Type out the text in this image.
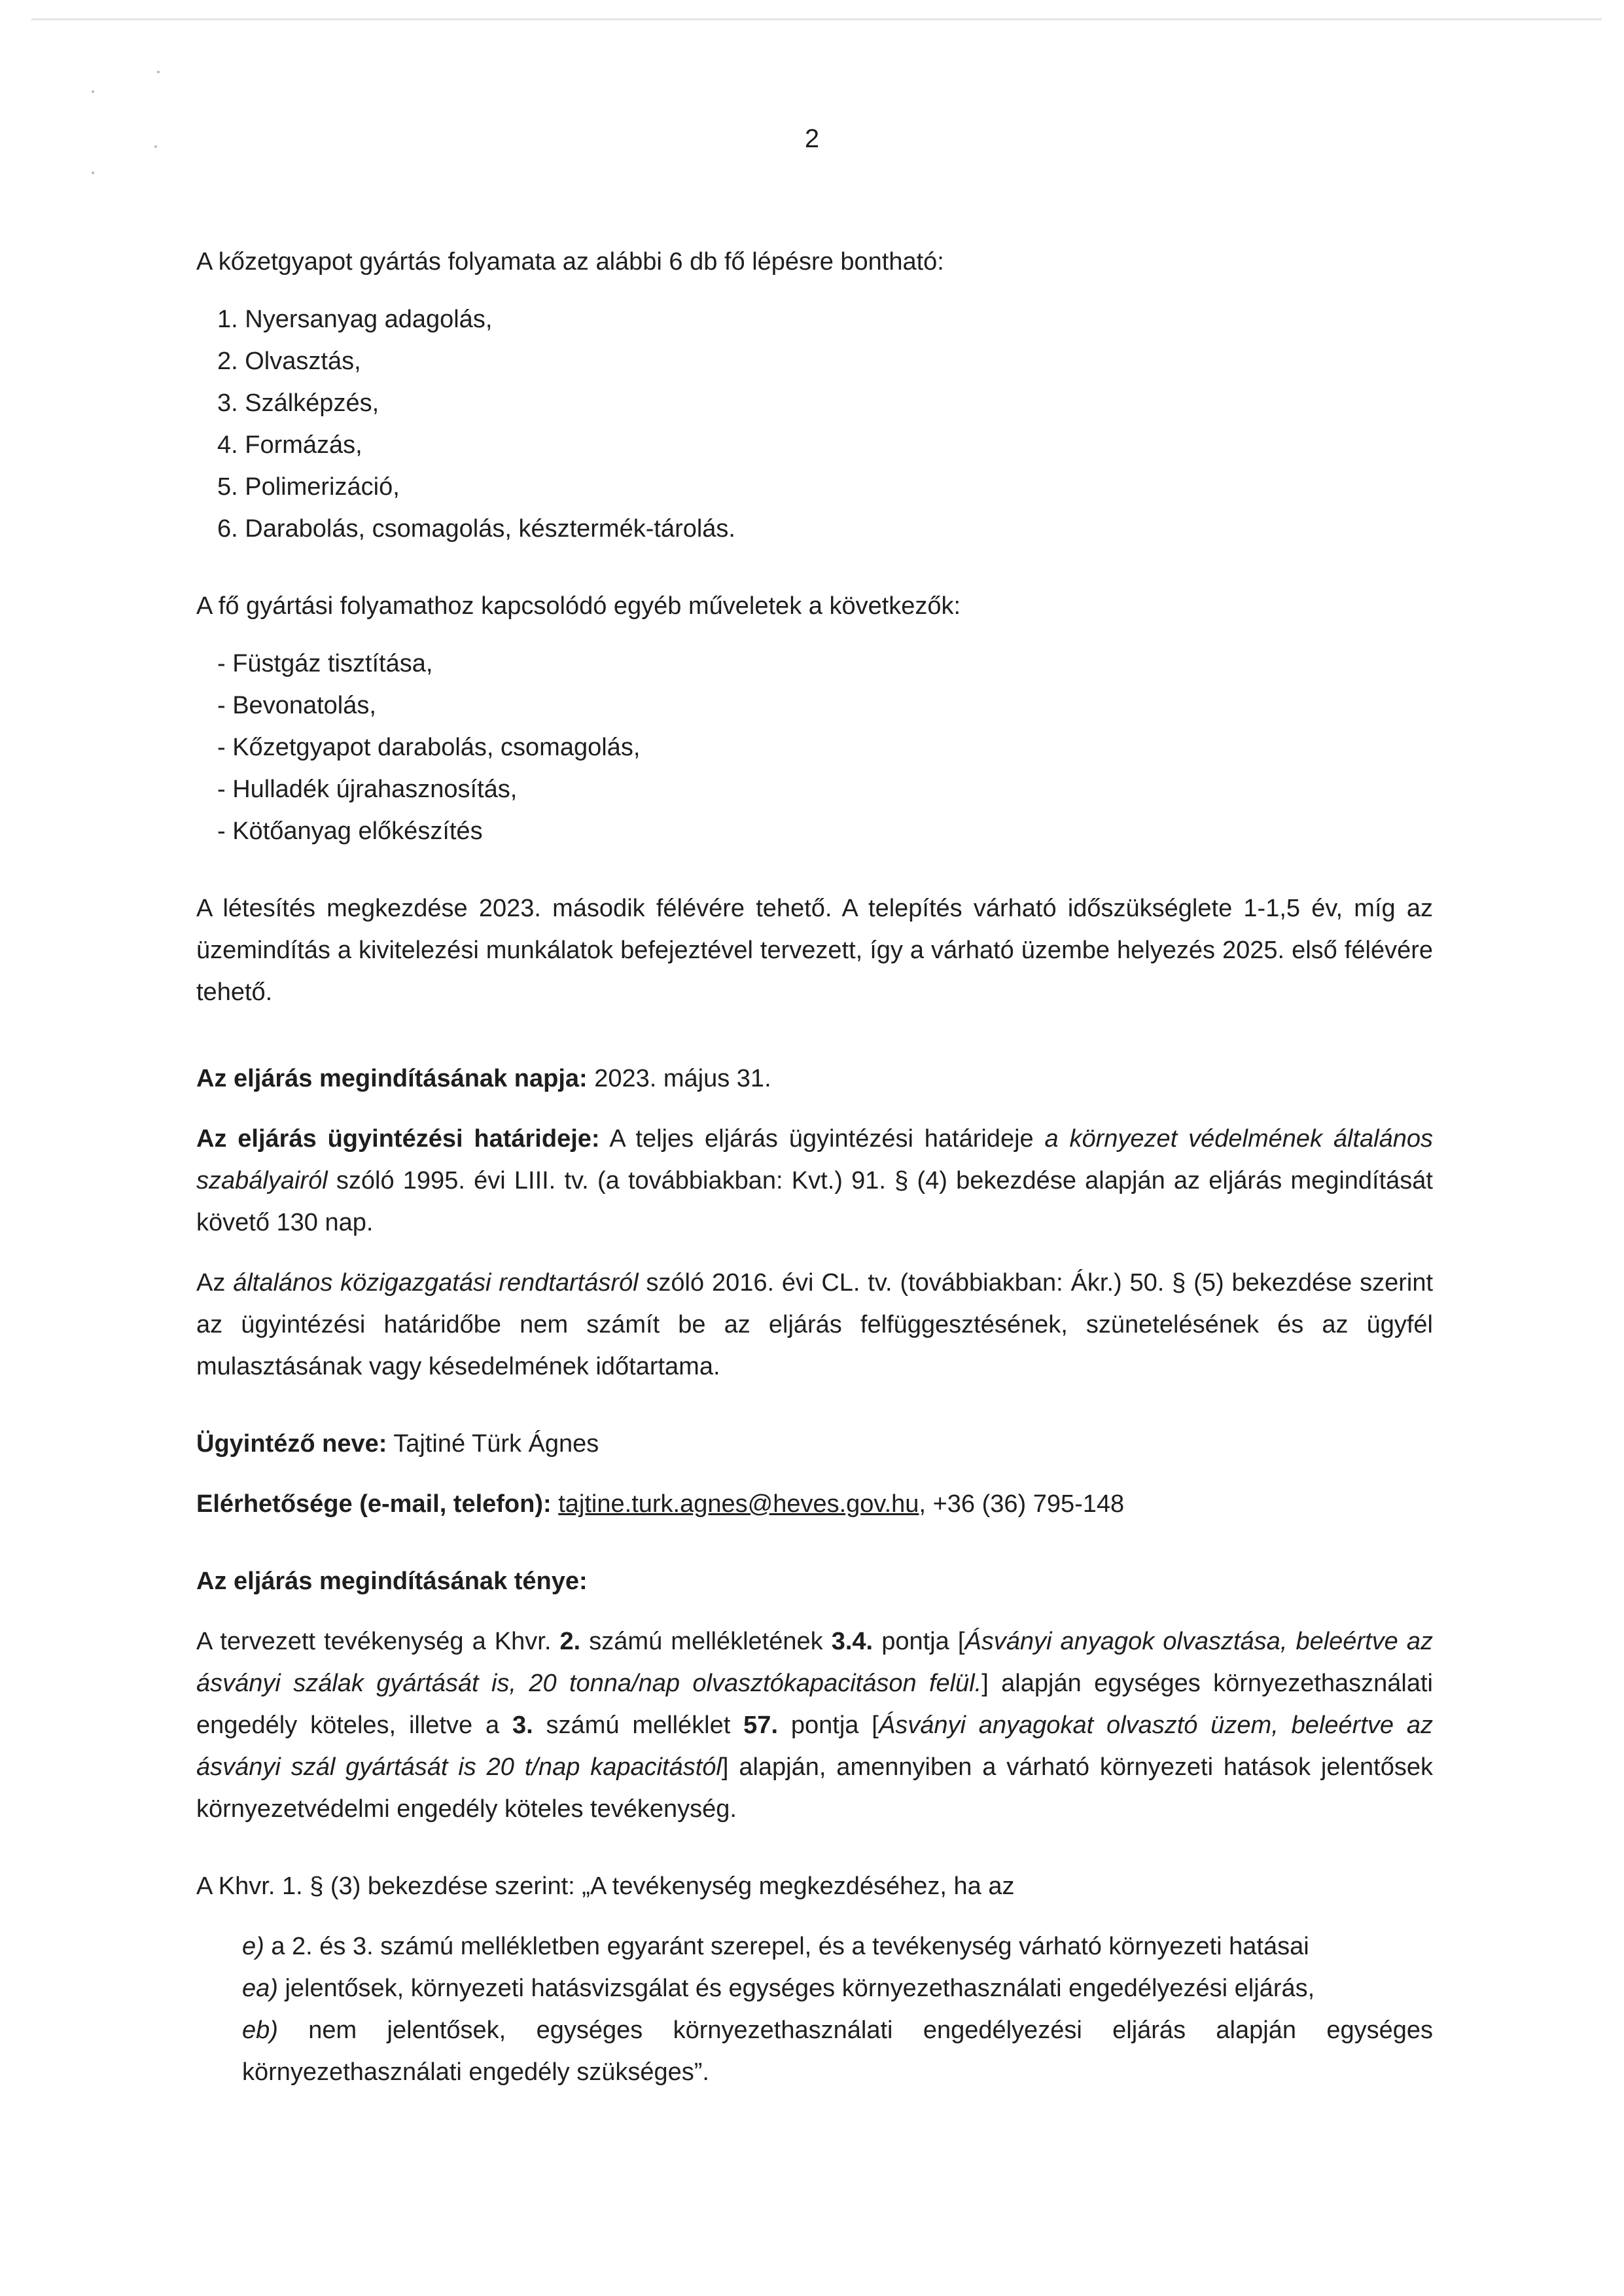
2

A kőzetgyapot gyártás folyamata az alábbi 6 db fő lépésre bontható:

1. Nyersanyag adagolás,
2. Olvasztás,
3. Szálképzés,
4. Formázás,
5. Polimerizáció,
6. Darabolás, csomagolás, késztermék-tárolás.

A fő gyártási folyamathoz kapcsolódó egyéb műveletek a következők:

- Füstgáz tisztítása,
- Bevonatolás,
- Kőzetgyapot darabolás, csomagolás,
- Hulladék újrahasznosítás,
- Kötőanyag előkészítés

A létesítés megkezdése 2023. második félévére tehető. A telepítés várható időszükséglete 1-1,5 év, míg az üzemindítás a kivitelezési munkálatok befejeztével tervezett, így a várható üzembe helyezés 2025. első félévére tehető.

Az eljárás megindításának napja: 2023. május 31.

Az eljárás ügyintézési határideje: A teljes eljárás ügyintézési határideje a környezet védelmének általános szabályairól szóló 1995. évi LIII. tv. (a továbbiakban: Kvt.) 91. § (4) bekezdése alapján az eljárás megindítását követő 130 nap.

Az általános közigazgatási rendtartásról szóló 2016. évi CL. tv. (továbbiakban: Ákr.) 50. § (5) bekezdése szerint az ügyintézési határidőbe nem számít be az eljárás felfüggesztésének, szünetelésének és az ügyfél mulasztásának vagy késedelmének időtartama.

Ügyintéző neve: Tajtiné Türk Ágnes

Elérhetősége (e-mail, telefon): tajtine.turk.agnes@heves.gov.hu, +36 (36) 795-148

Az eljárás megindításának ténye:

A tervezett tevékenység a Khvr. 2. számú mellékletének 3.4. pontja [Ásványi anyagok olvasztása, beleértve az ásványi szálak gyártását is, 20 tonna/nap olvasztókapacitáson felül.] alapján egységes környezethasználati engedély köteles, illetve a 3. számú melléklet 57. pontja [Ásványi anyagokat olvasztó üzem, beleértve az ásványi szál gyártását is 20 t/nap kapacitástól] alapján, amennyiben a várható környezeti hatások jelentősek környezetvédelmi engedély köteles tevékenység.

A Khvr. 1. § (3) bekezdése szerint: „A tevékenység megkezdéséhez, ha az

e) a 2. és 3. számú mellékletben egyaránt szerepel, és a tevékenység várható környezeti hatásai

ea) jelentősek, környezeti hatásvizsgálat és egységes környezethasználati engedélyezési eljárás,

eb) nem jelentősek, egységes környezethasználati engedélyezési eljárás alapján egységes környezethasználati engedély szükséges”.
